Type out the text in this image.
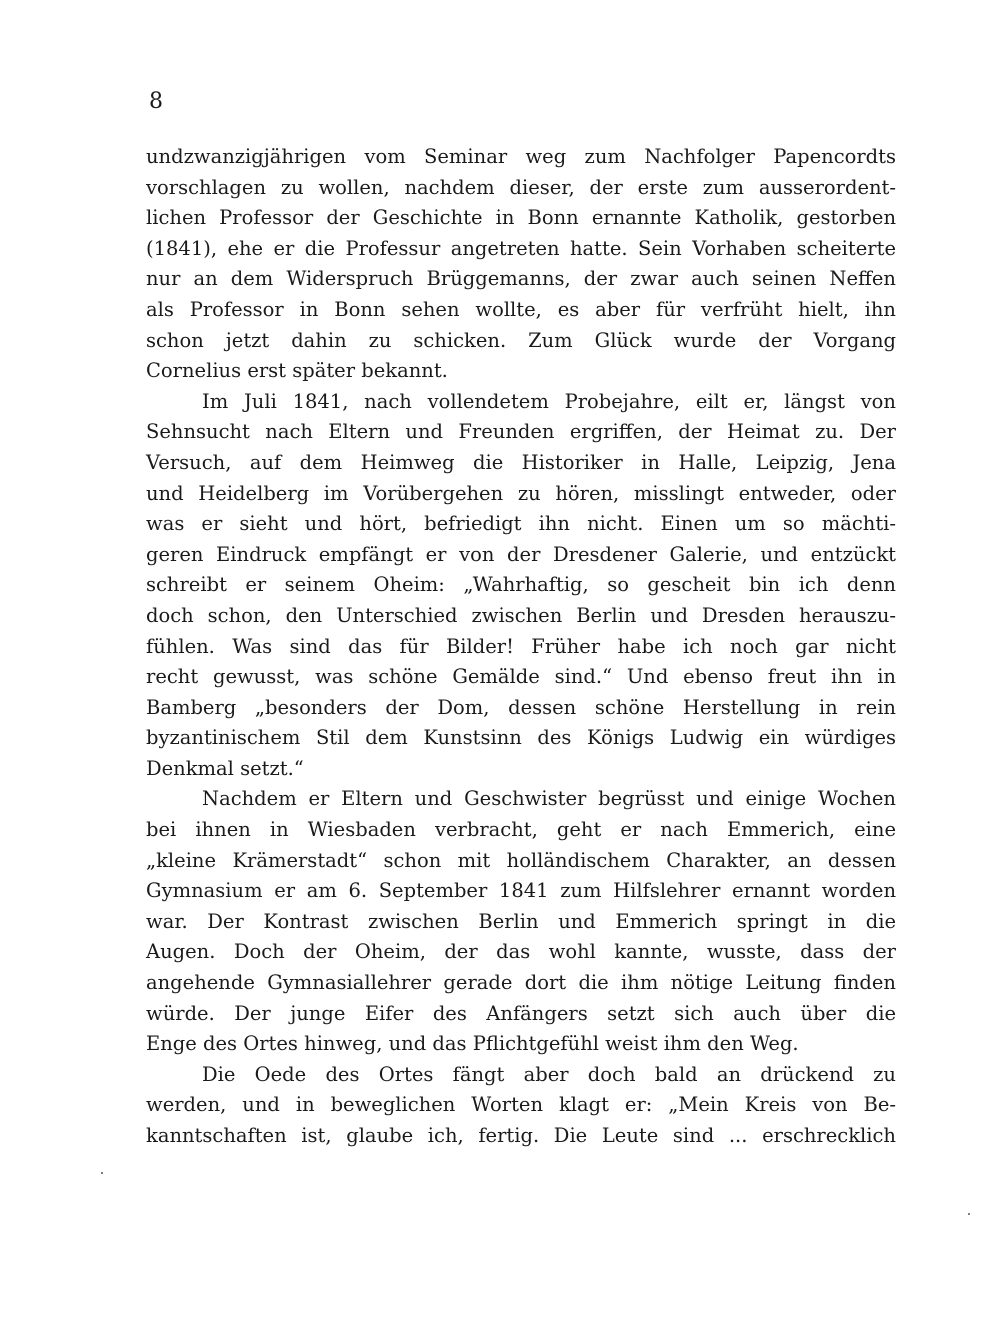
8
undzwanzigjährigen vom Seminar weg zum Nachfolger Papencordts
vorschlagen zu wollen, nachdem dieser, der erste zum ausserordent-
lichen Professor der Geschichte in Bonn ernannte Katholik, gestorben
(1841), ehe er die Professur angetreten hatte. Sein Vorhaben scheiterte
nur an dem Widerspruch Brüggemanns, der zwar auch seinen Neffen
als Professor in Bonn sehen wollte, es aber für verfrüht hielt, ihn
schon jetzt dahin zu schicken. Zum Glück wurde der Vorgang
Cornelius erst später bekannt.
Im Juli 1841, nach vollendetem Probejahre, eilt er, längst von
Sehnsucht nach Eltern und Freunden ergriffen, der Heimat zu. Der
Versuch, auf dem Heimweg die Historiker in Halle, Leipzig, Jena
und Heidelberg im Vorübergehen zu hören, misslingt entweder, oder
was er sieht und hört, befriedigt ihn nicht. Einen um so mächti-
geren Eindruck empfängt er von der Dresdener Galerie, und entzückt
schreibt er seinem Oheim: „Wahrhaftig, so gescheit bin ich denn
doch schon, den Unterschied zwischen Berlin und Dresden herauszu-
fühlen. Was sind das für Bilder! Früher habe ich noch gar nicht
recht gewusst, was schöne Gemälde sind.“ Und ebenso freut ihn in
Bamberg „besonders der Dom, dessen schöne Herstellung in rein
byzantinischem Stil dem Kunstsinn des Königs Ludwig ein würdiges
Denkmal setzt.“
Nachdem er Eltern und Geschwister begrüsst und einige Wochen
bei ihnen in Wiesbaden verbracht, geht er nach Emmerich, eine
„kleine Krämerstadt“ schon mit holländischem Charakter, an dessen
Gymnasium er am 6. September 1841 zum Hilfslehrer ernannt worden
war. Der Kontrast zwischen Berlin und Emmerich springt in die
Augen. Doch der Oheim, der das wohl kannte, wusste, dass der
angehende Gymnasiallehrer gerade dort die ihm nötige Leitung finden
würde. Der junge Eifer des Anfängers setzt sich auch über die
Enge des Ortes hinweg, und das Pflichtgefühl weist ihm den Weg.
Die Oede des Ortes fängt aber doch bald an drückend zu
werden, und in beweglichen Worten klagt er: „Mein Kreis von Be-
kanntschaften ist, glaube ich, fertig. Die Leute sind ... erschrecklich
